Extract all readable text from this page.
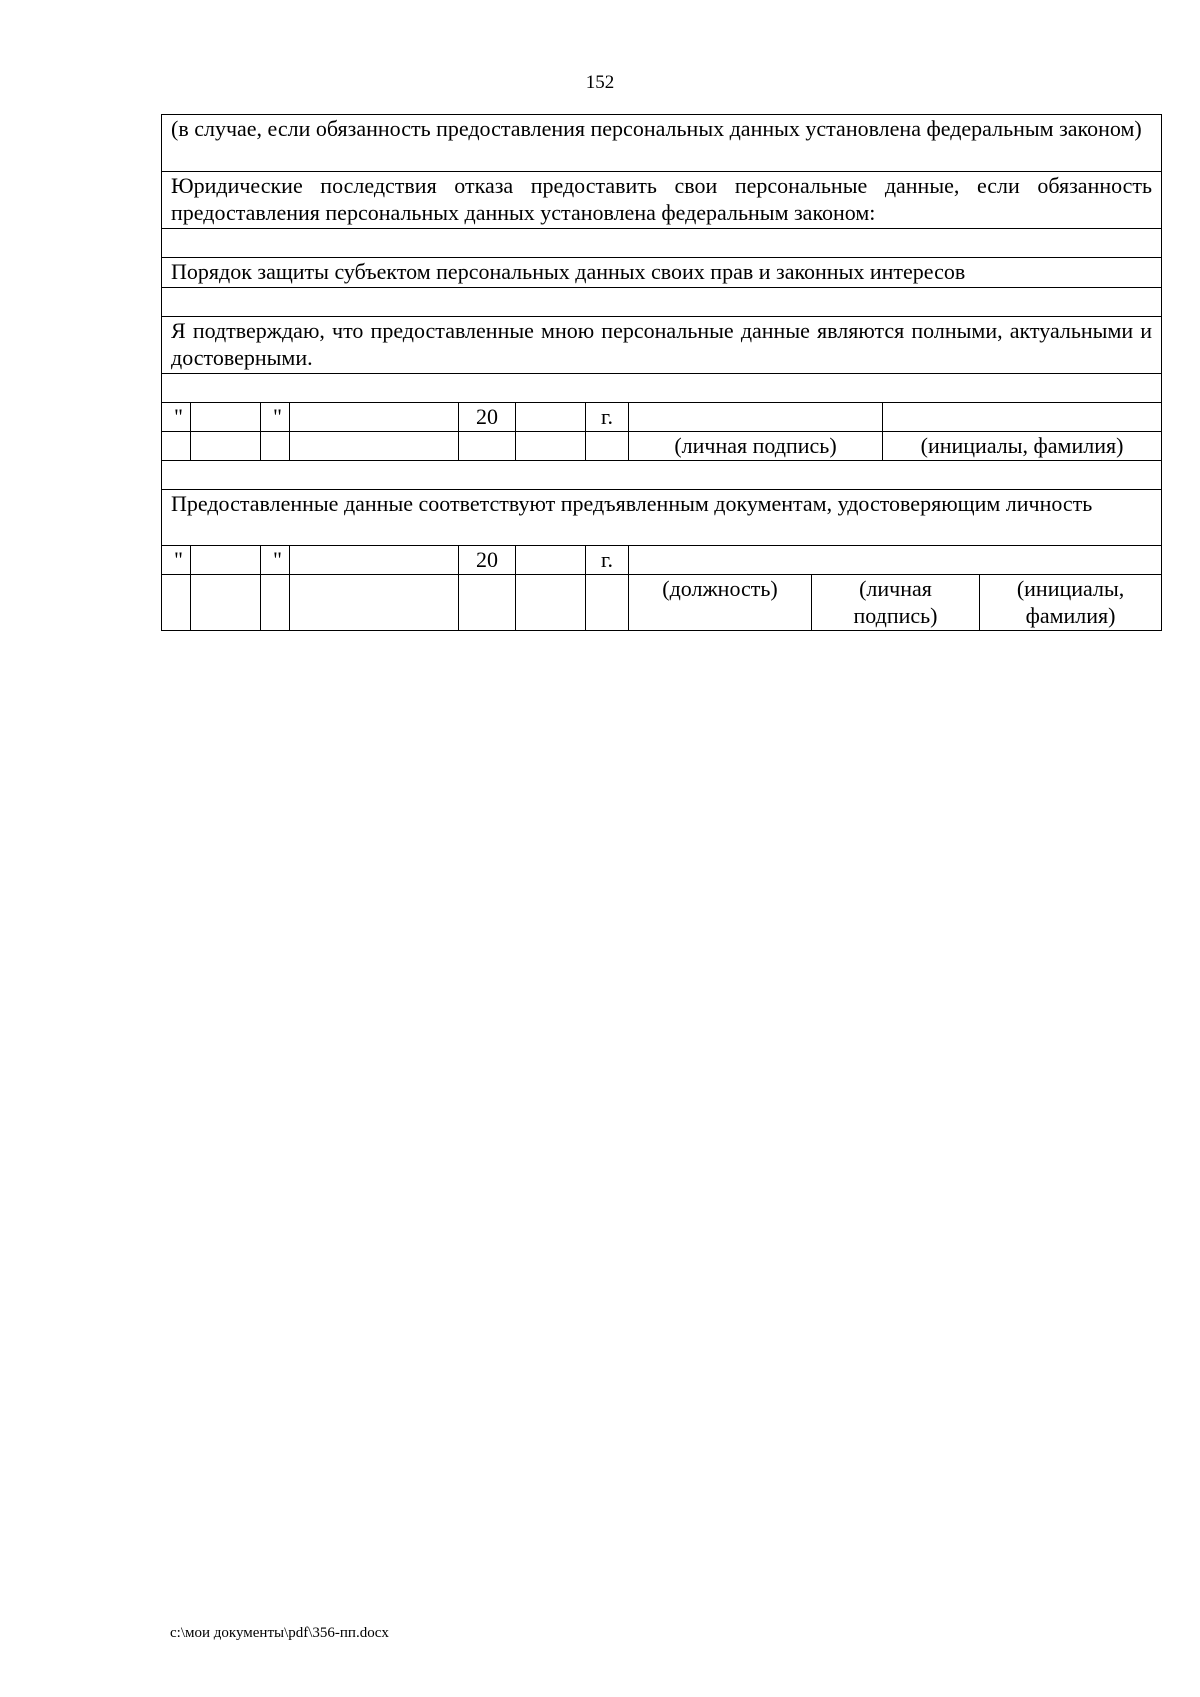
152
(в случае, если обязанность предоставления персональных данных установлена федеральным законом)										
Юридические последствия отказа предоставить свои персональные данные, если обязанность предоставления персональных данных установлена федеральным законом:										

Порядок защиты субъектом персональных данных своих прав и законных интересов										

Я подтверждаю, что предоставленные мною персональные данные являются полными, актуальными и достоверными.										

"		"		20		г.				
							(личная подпись)		(инициалы, фамилия)	

Предоставленные данные соответствуют предъявленным документам, удостоверяющим личность										
"		"		20		г.				
							(должность)	(личная подпись)		(инициалы, фамилия)
c:\мои документы\pdf\356-пп.docx
